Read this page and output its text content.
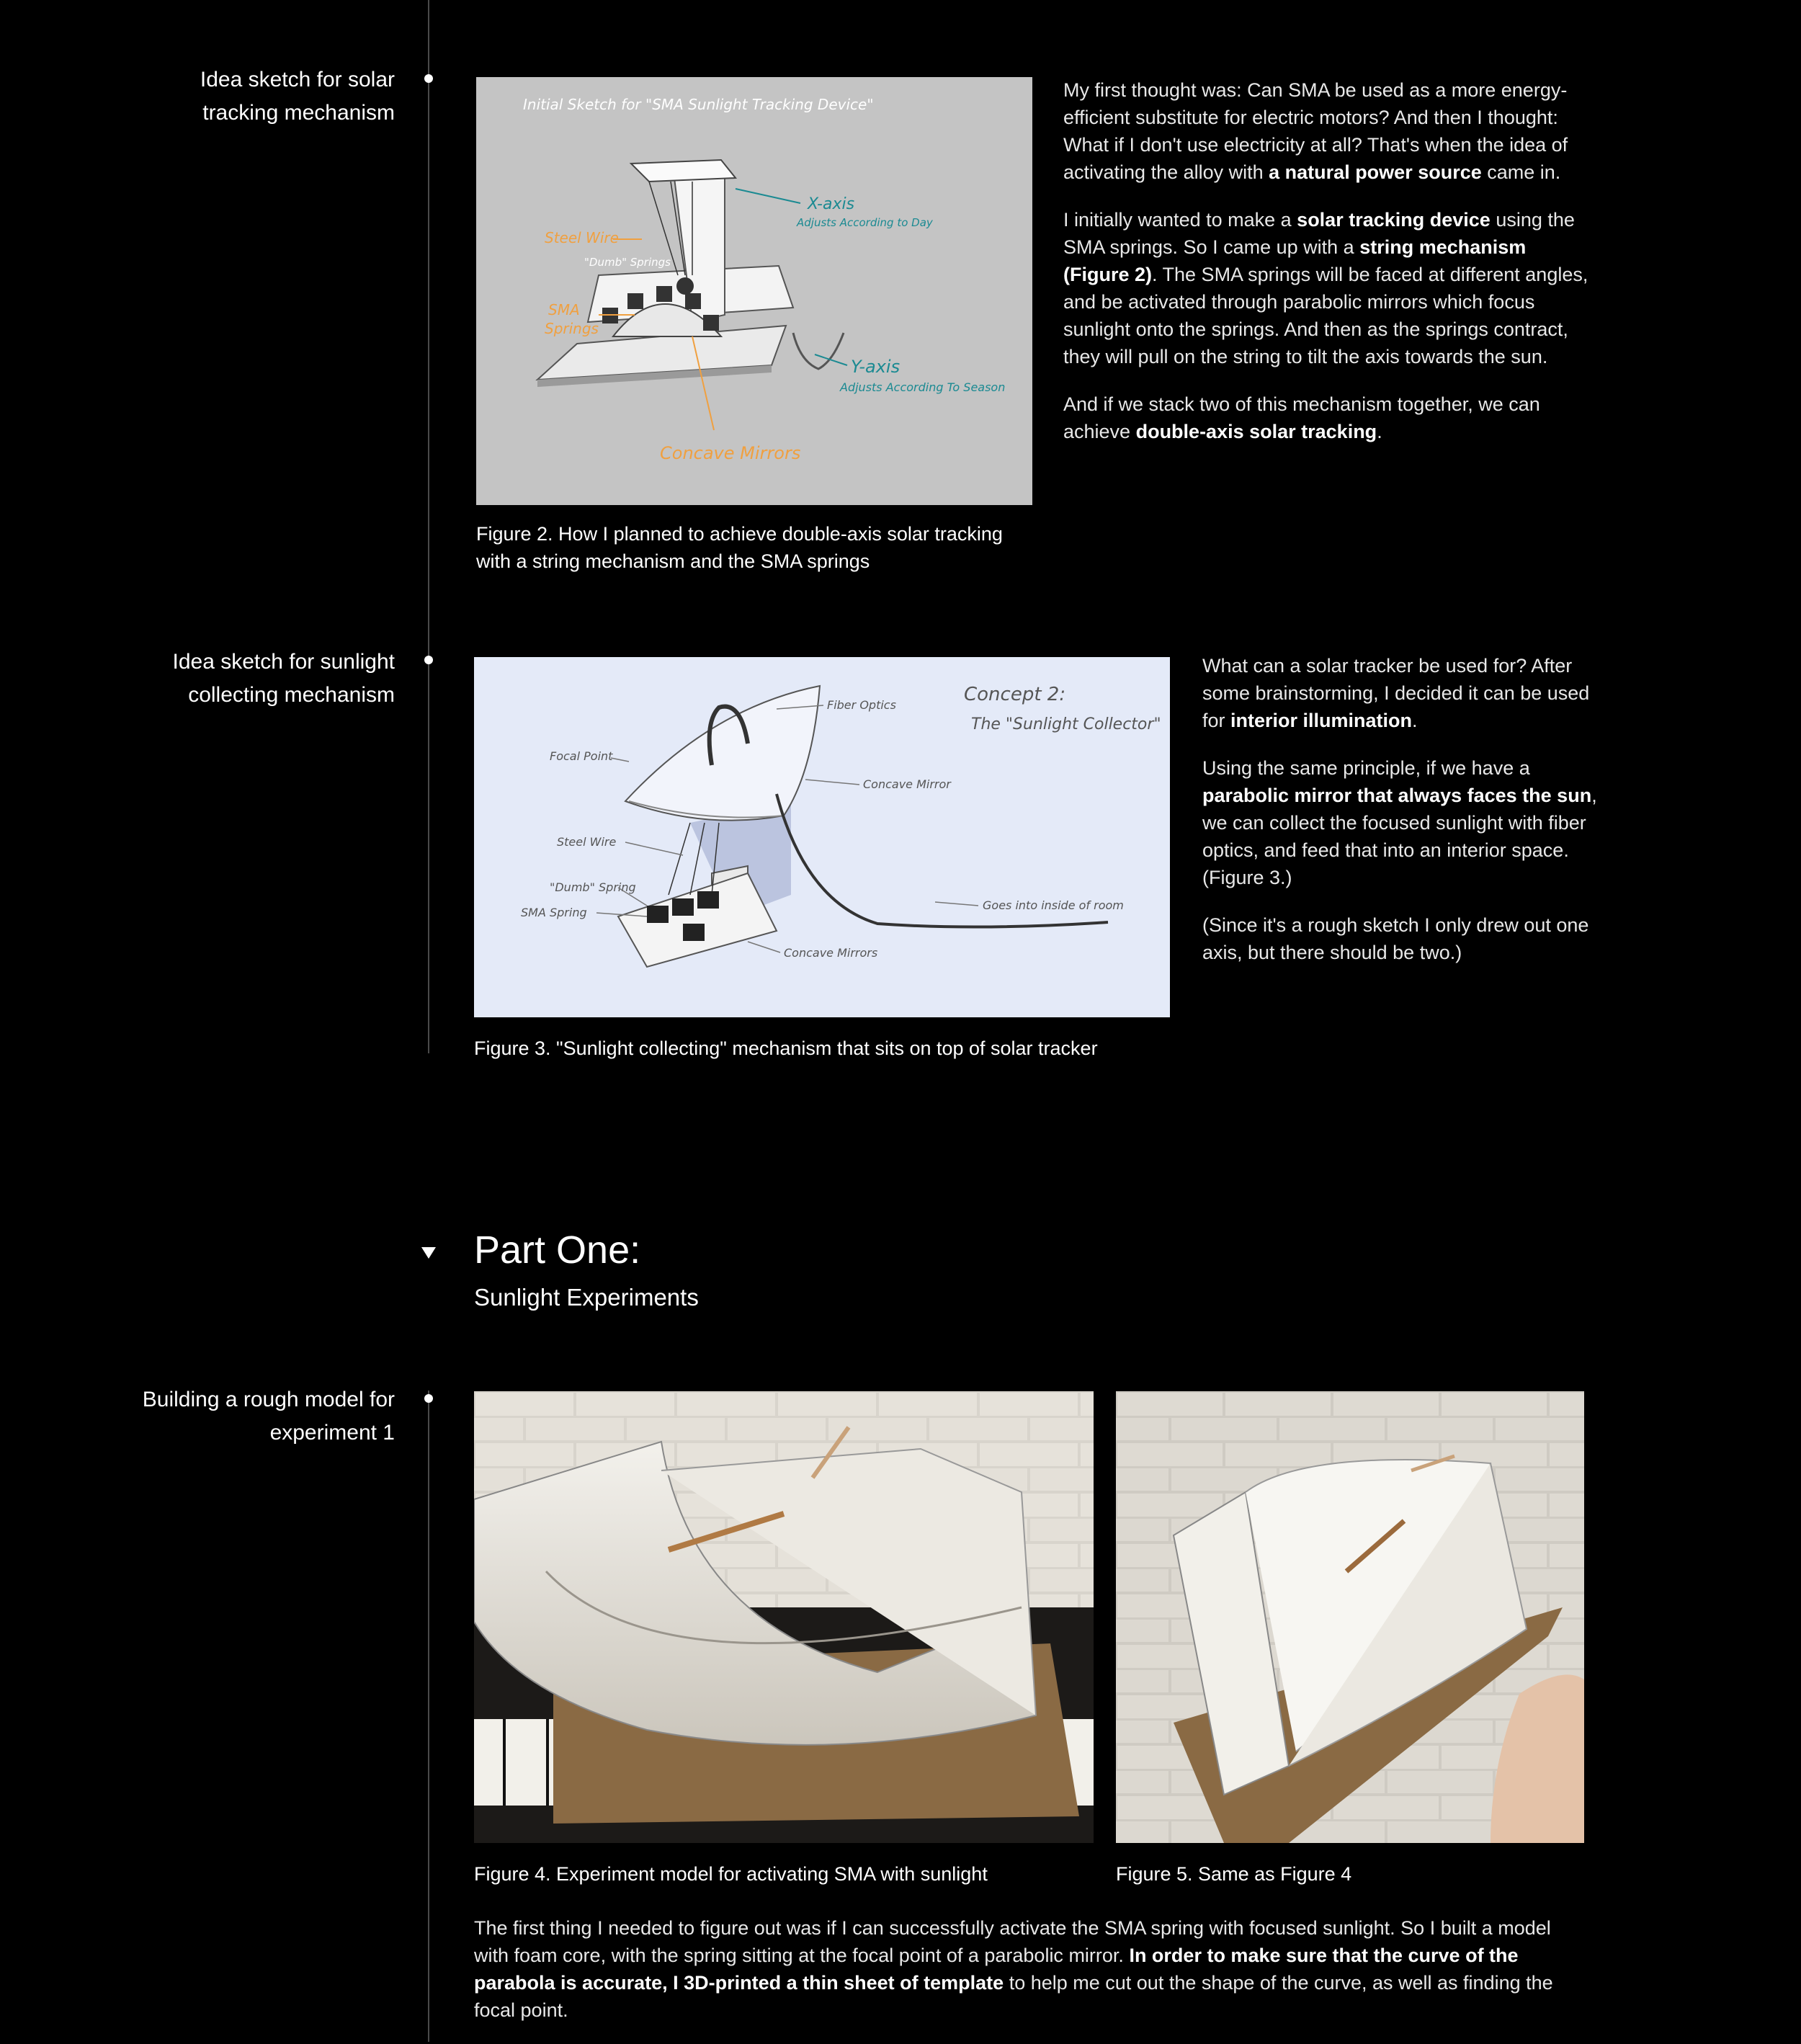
Idea sketch for solar tracking mechanism	Initial Sketch for "SMA Sunlight Tracking Device"
Steel Wire
SMA
Springs
Concave Mirrors
"Dumb" Springs
X-axis
Adjusts According to Day
Y-axis
Adjusts According To Season
Figure 2. How I planned to achieve double-axis solar tracking with a string mechanism and the SMA springs

My first thought was: Can SMA be used as a more energy-efficient substitute for electric motors? And then I thought: What if I don't use electricity at all? That's when the idea of activating the alloy with a natural power source came in.

I initially wanted to make a solar tracking device using the SMA springs. So I came up with a string mechanism (Figure 2). The SMA springs will be faced at different angles, and be activated through parabolic mirrors which focus sunlight onto the springs. And then as the springs contract, they will pull on the string to tilt the axis towards the sun.

And if we stack two of this mechanism together, we can achieve double-axis solar tracking.

Idea sketch for sunlight collecting mechanism	Concept 2:
The "Sunlight Collector"
Fiber Optics
Focal Point
Concave Mirror
Steel Wire
"Dumb" Spring
SMA Spring
Goes into inside of room
Concave Mirrors
Figure 3. "Sunlight collecting" mechanism that sits on top of solar tracker

What can a solar tracker be used for? After some brainstorming, I decided it can be used for interior illumination.

Using the same principle, if we have a parabolic mirror that always faces the sun, we can collect the focused sunlight with fiber optics, and feed that into an interior space. (Figure 3.)

(Since it's a rough sketch I only drew out one axis, but there should be two.)

Part One:
Sunlight Experiments
Building a rough model for experiment 1
Figure 4. Experiment model for activating SMA with sunlight	Figure 5. Same as Figure 4

The first thing I needed to figure out was if I can successfully activate the SMA spring with focused sunlight. So I built a model with foam core, with the spring sitting at the focal point of a parabolic mirror. In order to make sure that the curve of the parabola is accurate, I 3D-printed a thin sheet of template to help me cut out the shape of the curve, as well as finding the focal point.
